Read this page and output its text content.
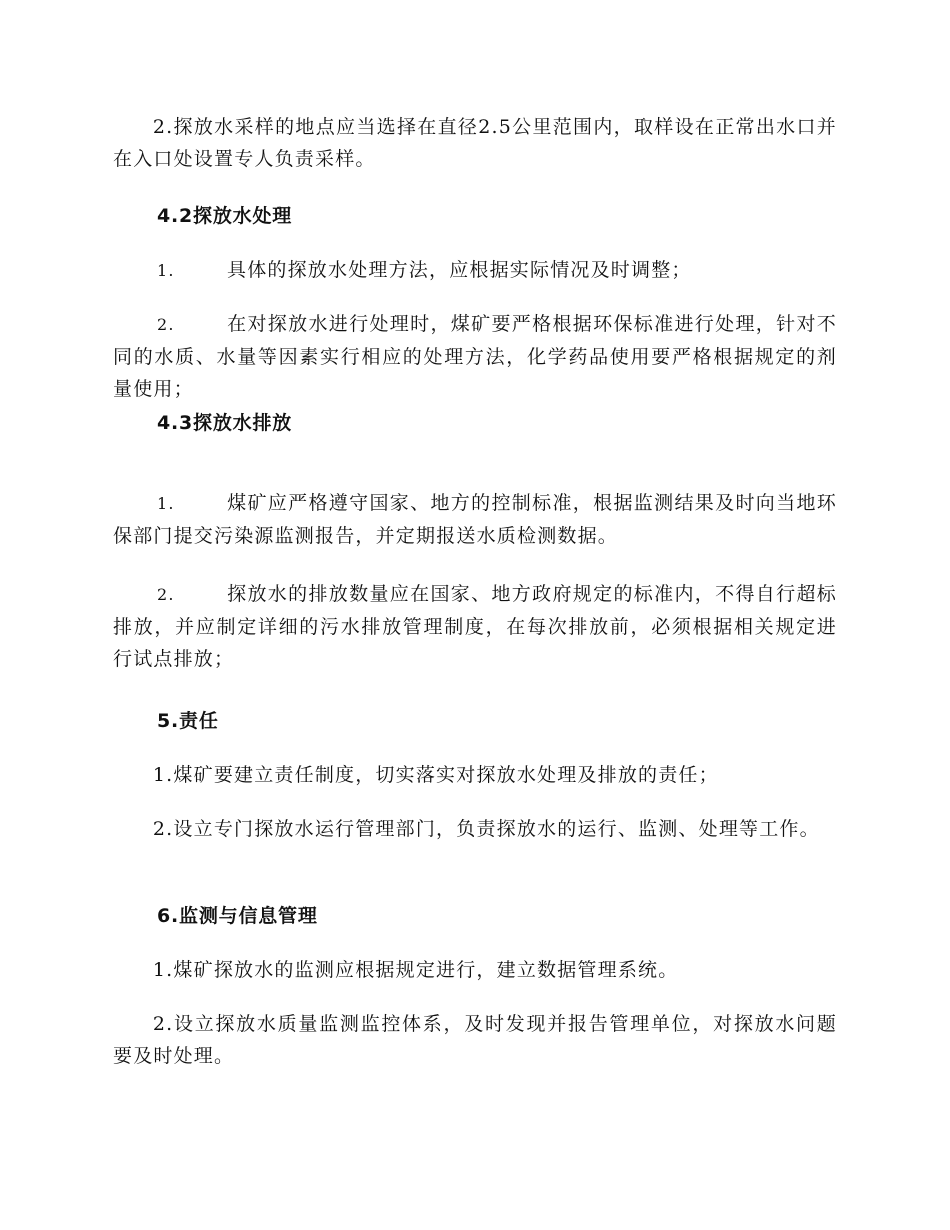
2.探放水采样的地点应当选择在直径2.5公里范围内，取样设在正常出水口并在入口处设置专人负责采样。

4.2探放水处理

1.	具体的探放水处理方法，应根据实际情况及时调整；

2.	在对探放水进行处理时，煤矿要严格根据环保标准进行处理，针对不同的水质、水量等因素实行相应的处理方法，化学药品使用要严格根据规定的剂量使用；

4.3探放水排放

1.	煤矿应严格遵守国家、地方的控制标准，根据监测结果及时向当地环保部门提交污染源监测报告，并定期报送水质检测数据。

2.	探放水的排放数量应在国家、地方政府规定的标准内，不得自行超标排放，并应制定详细的污水排放管理制度，在每次排放前，必须根据相关规定进行试点排放；

5.责任

1.煤矿要建立责任制度，切实落实对探放水处理及排放的责任；

2.设立专门探放水运行管理部门，负责探放水的运行、监测、处理等工作。

6.监测与信息管理

1.煤矿探放水的监测应根据规定进行，建立数据管理系统。

2.设立探放水质量监测监控体系，及时发现并报告管理单位，对探放水问题要及时处理。
